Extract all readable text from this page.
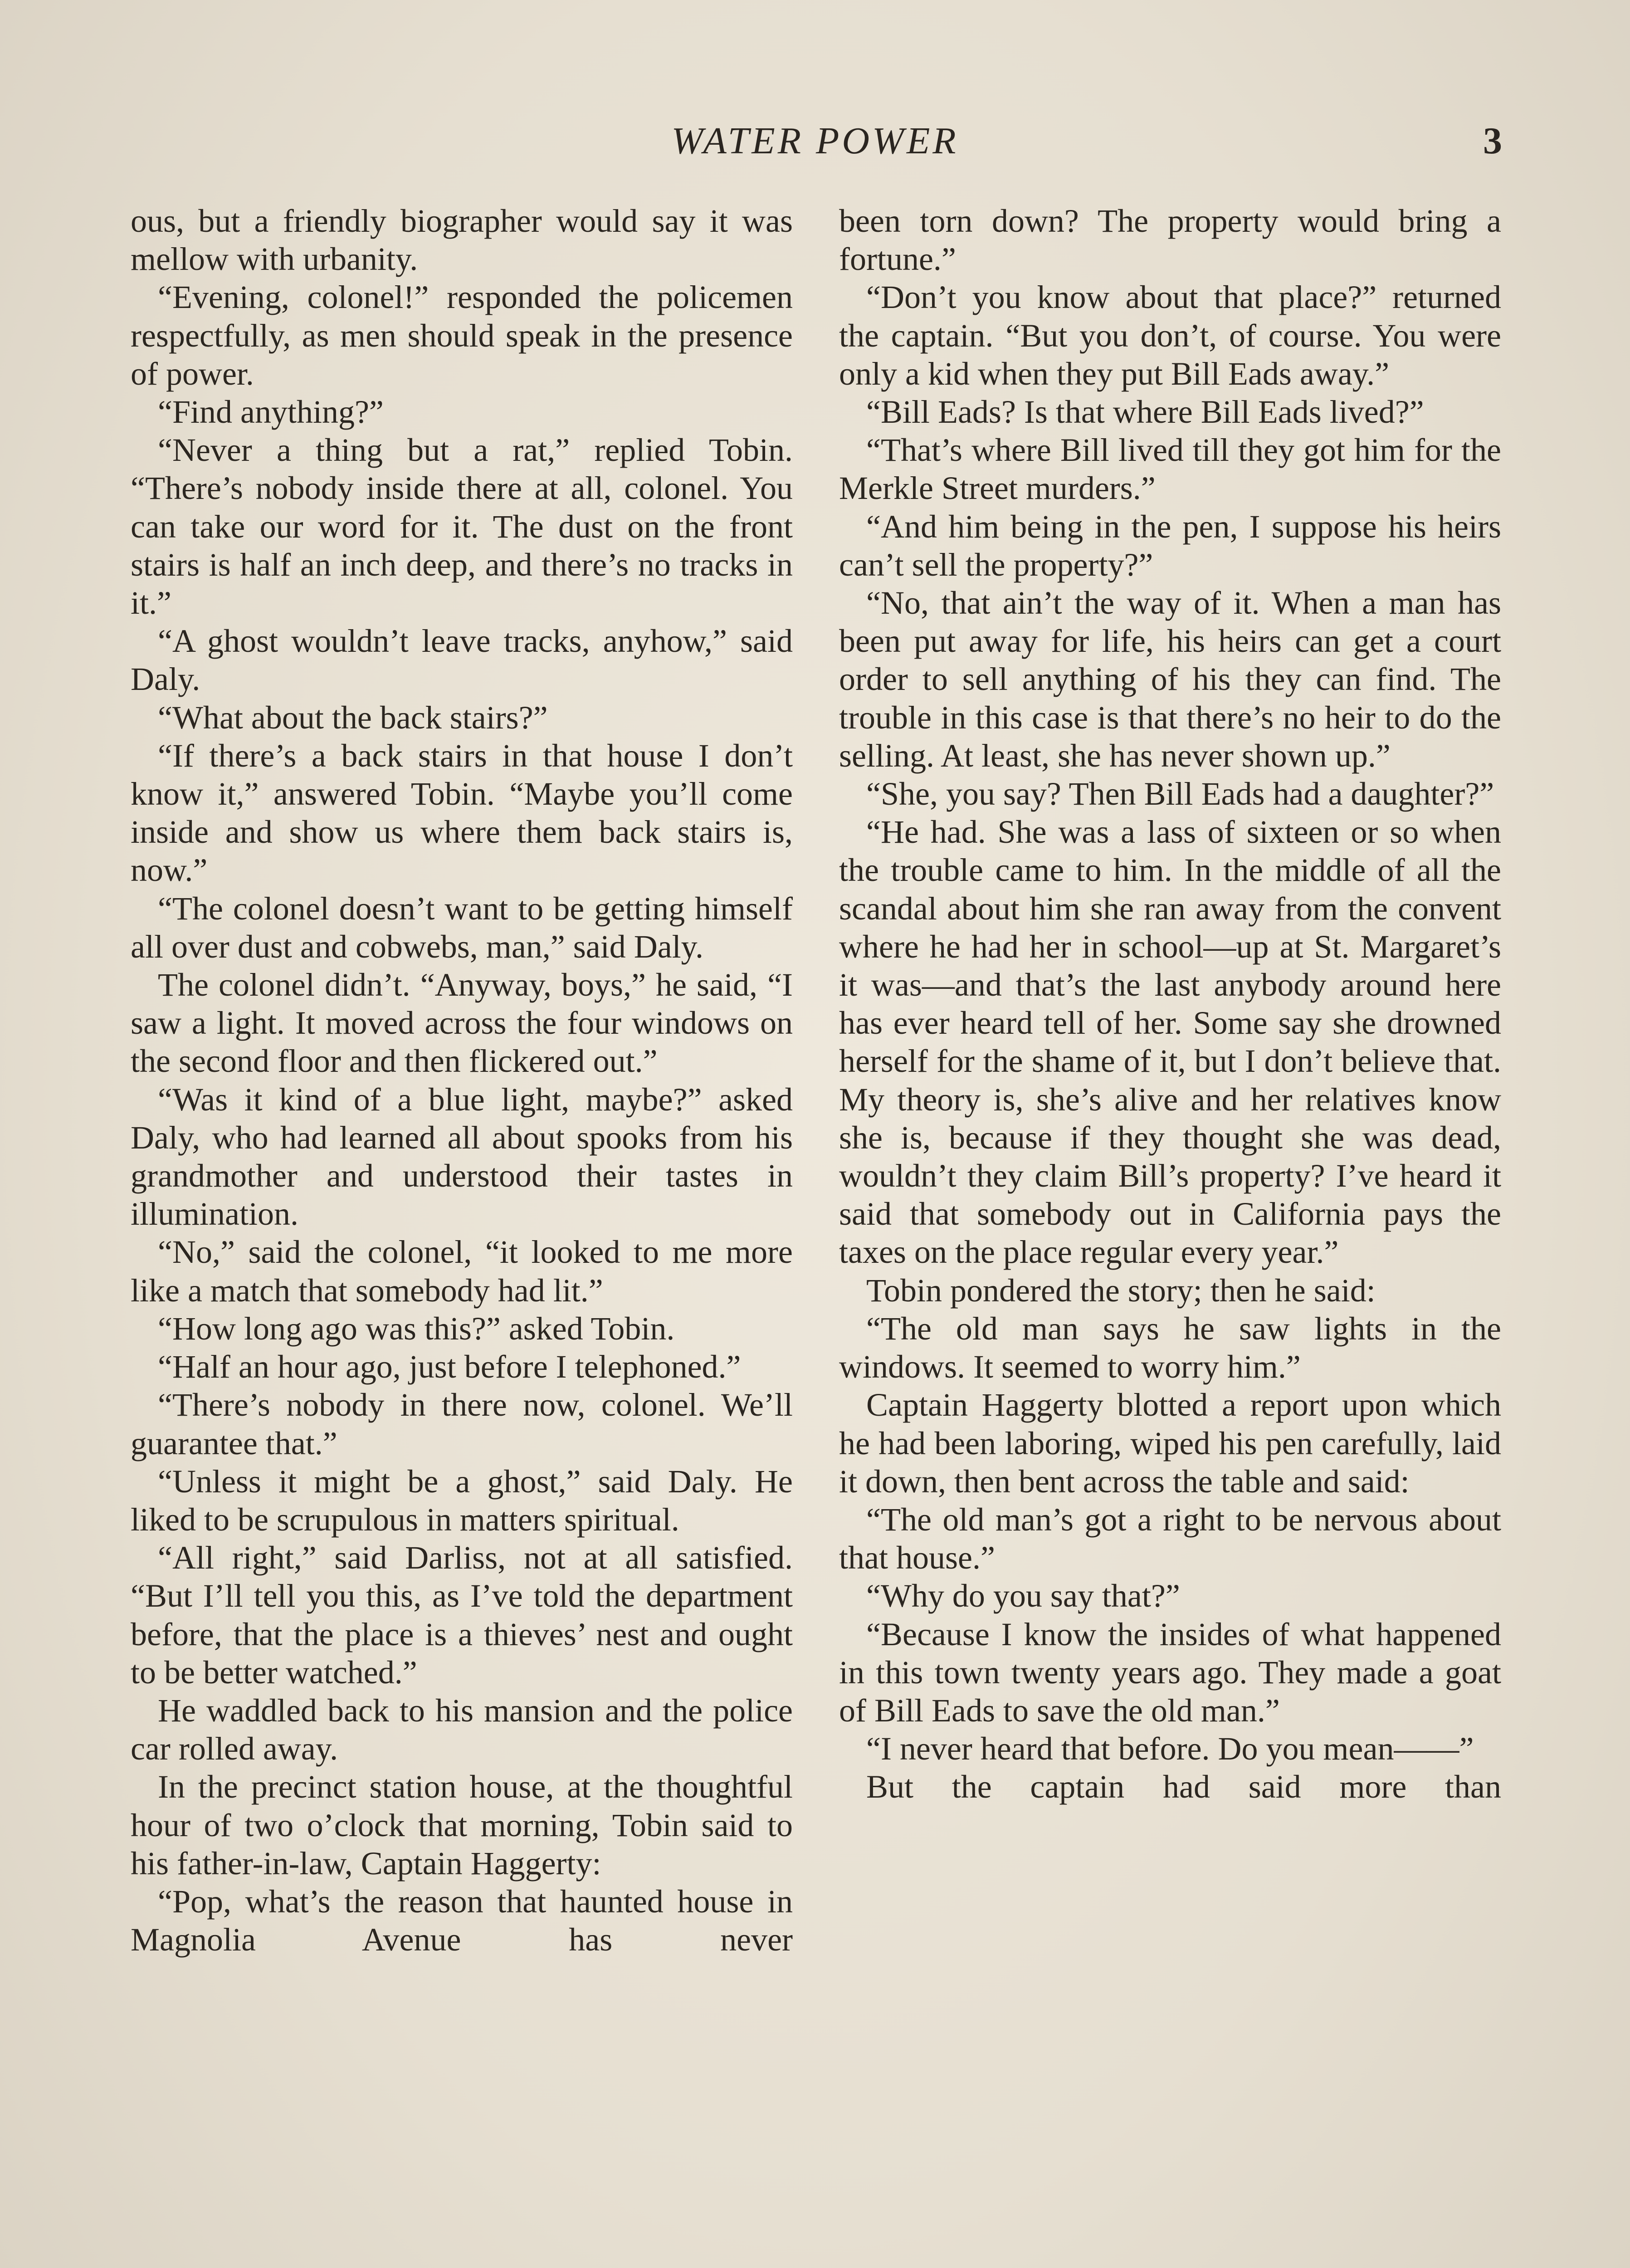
WATER POWER	3

ous, but a friendly biographer would say it was mellow with urbanity.

“Evening, colonel!” responded the policemen respectfully, as men should speak in the presence of power.

“Find anything?”

“Never a thing but a rat,” replied Tobin. “There’s nobody inside there at all, colonel. You can take our word for it. The dust on the front stairs is half an inch deep, and there’s no tracks in it.”

“A ghost wouldn’t leave tracks, anyhow,” said Daly.

“What about the back stairs?”

“If there’s a back stairs in that house I don’t know it,” answered Tobin. “Maybe you’ll come inside and show us where them back stairs is, now.”

“The colonel doesn’t want to be getting himself all over dust and cobwebs, man,” said Daly.

The colonel didn’t. “Anyway, boys,” he said, “I saw a light. It moved across the four windows on the second floor and then flickered out.”

“Was it kind of a blue light, maybe?” asked Daly, who had learned all about spooks from his grandmother and understood their tastes in illumination.

“No,” said the colonel, “it looked to me more like a match that somebody had lit.”

“How long ago was this?” asked Tobin.

“Half an hour ago, just before I telephoned.”

“There’s nobody in there now, colonel. We’ll guarantee that.”

“Unless it might be a ghost,” said Daly. He liked to be scrupulous in matters spiritual.

“All right,” said Darliss, not at all satisfied. “But I’ll tell you this, as I’ve told the department before, that the place is a thieves’ nest and ought to be better watched.”

He waddled back to his mansion and the police car rolled away.

In the precinct station house, at the thoughtful hour of two o’clock that morning, Tobin said to his father-in-law, Captain Haggerty:

“Pop, what’s the reason that haunted house in Magnolia Avenue has never

been torn down? The property would bring a fortune.”

“Don’t you know about that place?” returned the captain. “But you don’t, of course. You were only a kid when they put Bill Eads away.”

“Bill Eads? Is that where Bill Eads lived?”

“That’s where Bill lived till they got him for the Merkle Street murders.”

“And him being in the pen, I suppose his heirs can’t sell the property?”

“No, that ain’t the way of it. When a man has been put away for life, his heirs can get a court order to sell anything of his they can find. The trouble in this case is that there’s no heir to do the selling. At least, she has never shown up.”

“She, you say? Then Bill Eads had a daughter?”

“He had. She was a lass of sixteen or so when the trouble came to him. In the middle of all the scandal about him she ran away from the convent where he had her in school—up at St. Margaret’s it was—and that’s the last anybody around here has ever heard tell of her. Some say she drowned herself for the shame of it, but I don’t believe that. My theory is, she’s alive and her relatives know she is, because if they thought she was dead, wouldn’t they claim Bill’s property? I’ve heard it said that somebody out in California pays the taxes on the place regular every year.”

Tobin pondered the story; then he said:

“The old man says he saw lights in the windows. It seemed to worry him.”

Captain Haggerty blotted a report upon which he had been laboring, wiped his pen carefully, laid it down, then bent across the table and said:

“The old man’s got a right to be nervous about that house.”

“Why do you say that?”

“Because I know the insides of what happened in this town twenty years ago. They made a goat of Bill Eads to save the old man.”

“I never heard that before. Do you mean——”

But the captain had said more than
